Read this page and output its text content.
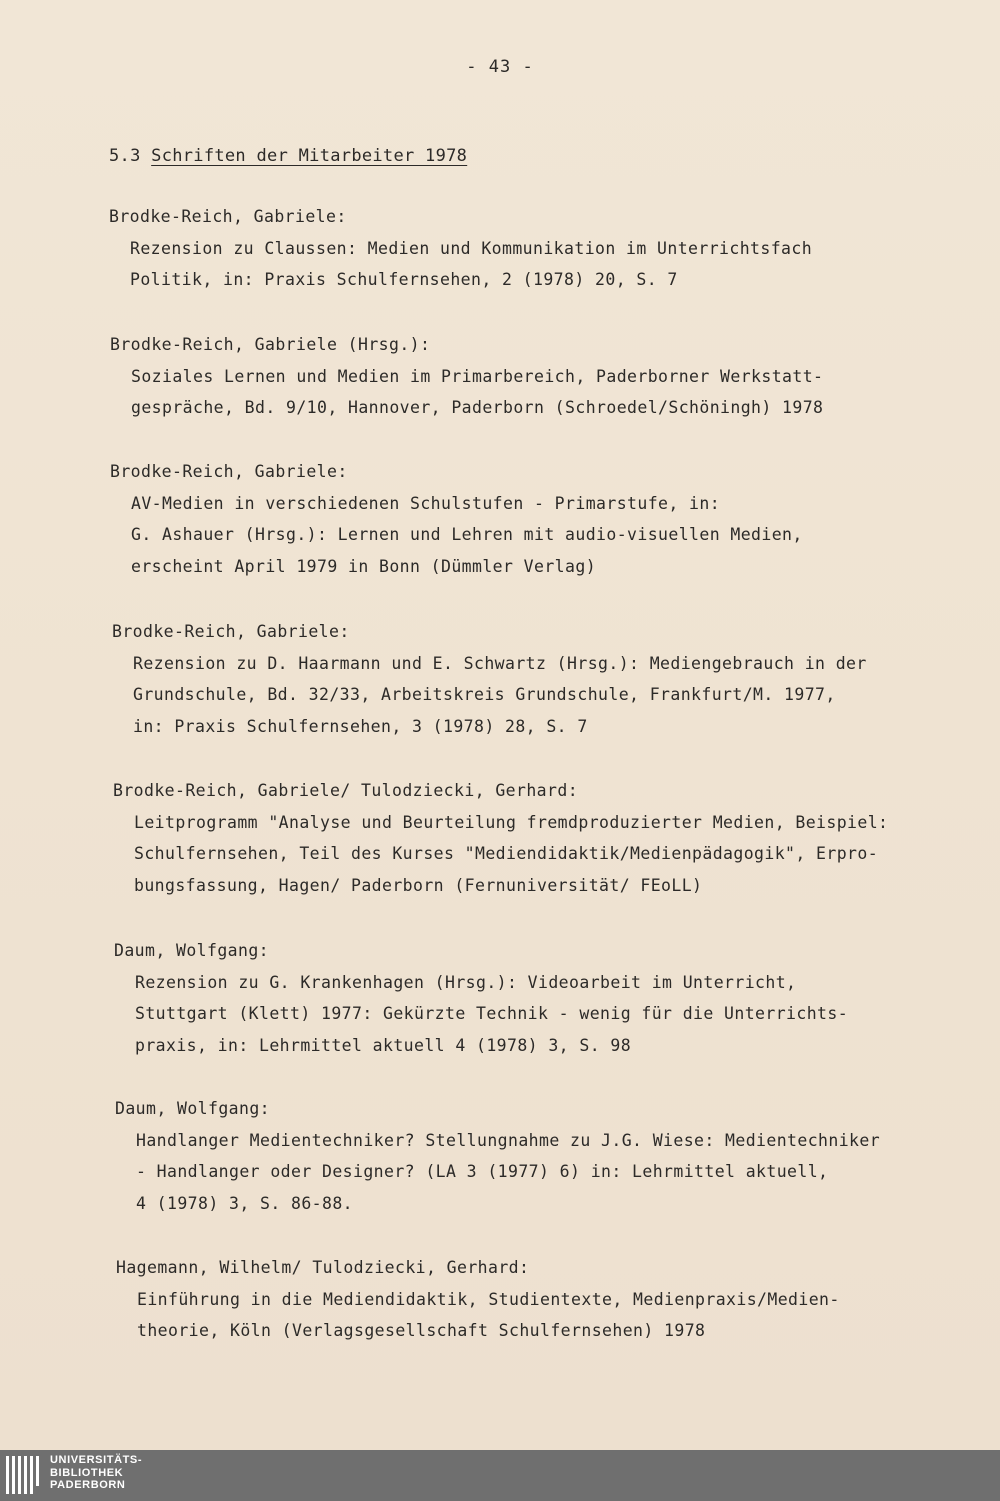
- 43 -
5.3 Schriften der Mitarbeiter 1978
Brodke-Reich, Gabriele:
Rezension zu Claussen: Medien und Kommunikation im Unterrichtsfach
Politik, in: Praxis Schulfernsehen, 2 (1978) 20, S. 7
Brodke-Reich, Gabriele (Hrsg.):
Soziales Lernen und Medien im Primarbereich, Paderborner Werkstatt-
gespräche, Bd. 9/10, Hannover, Paderborn (Schroedel/Schöningh) 1978
Brodke-Reich, Gabriele:
AV-Medien in verschiedenen Schulstufen - Primarstufe, in:
G. Ashauer (Hrsg.): Lernen und Lehren mit audio-visuellen Medien,
erscheint April 1979 in Bonn (Dümmler Verlag)
Brodke-Reich, Gabriele:
Rezension zu D. Haarmann und E. Schwartz (Hrsg.): Mediengebrauch in der
Grundschule, Bd. 32/33, Arbeitskreis Grundschule, Frankfurt/M. 1977,
in: Praxis Schulfernsehen, 3 (1978) 28, S. 7
Brodke-Reich, Gabriele/ Tulodziecki, Gerhard:
Leitprogramm "Analyse und Beurteilung fremdproduzierter Medien, Beispiel:
Schulfernsehen, Teil des Kurses "Mediendidaktik/Medienpädagogik", Erpro-
bungsfassung, Hagen/ Paderborn (Fernuniversität/ FEoLL)
Daum, Wolfgang:
Rezension zu G. Krankenhagen (Hrsg.): Videoarbeit im Unterricht,
Stuttgart (Klett) 1977: Gekürzte Technik - wenig für die Unterrichts-
praxis, in: Lehrmittel aktuell 4 (1978) 3, S. 98
Daum, Wolfgang:
Handlanger Medientechniker? Stellungnahme zu J.G. Wiese: Medientechniker
- Handlanger oder Designer? (LA 3 (1977) 6) in: Lehrmittel aktuell,
4 (1978) 3, S. 86-88.
Hagemann, Wilhelm/ Tulodziecki, Gerhard:
Einführung in die Mediendidaktik, Studientexte, Medienpraxis/Medien-
theorie, Köln (Verlagsgesellschaft Schulfernsehen) 1978
UNIVERSITÄTS-
BIBLIOTHEK
PADERBORN
